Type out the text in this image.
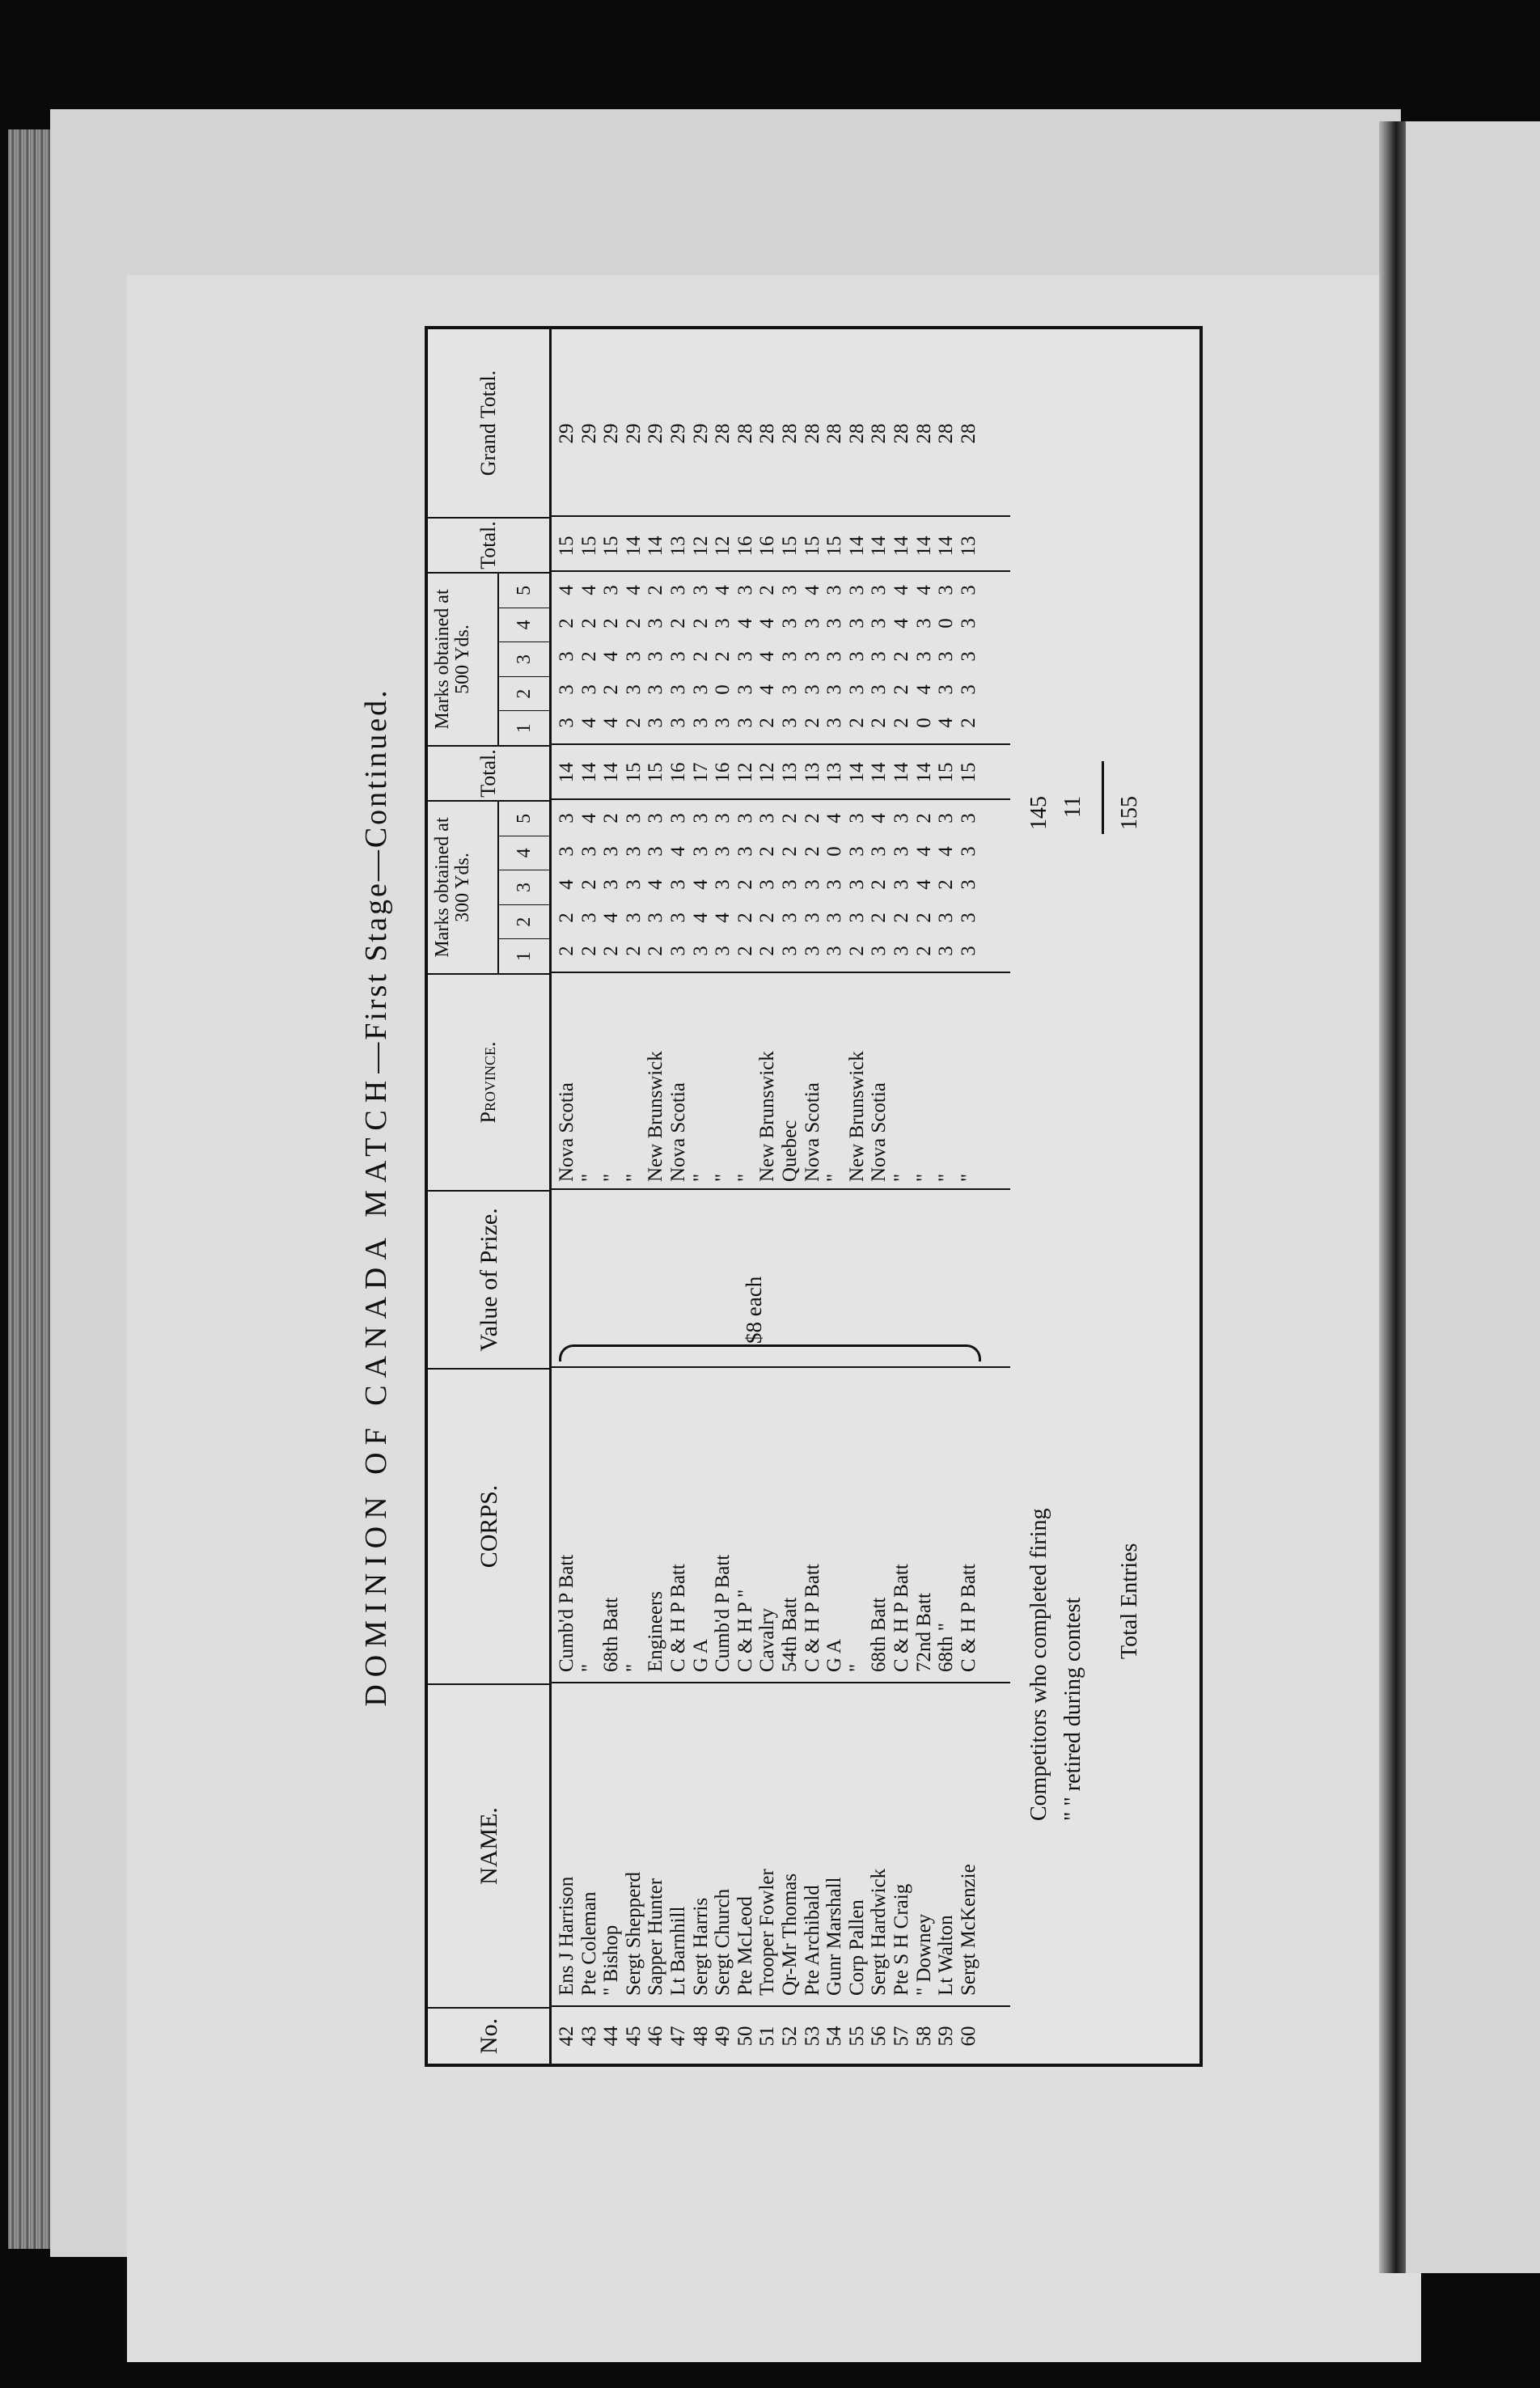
DOMINION OF CANADA MATCH—First Stage—Continued.
No.
NAME.
CORPS.
Value of Prize.
Province.
Marks obtained at 300 Yds.
1
2
3
4
5
Total.
Marks obtained at 500 Yds.
1
2
3
4
5
Total.
Grand Total.
$8 each
42
Ens J Harrison
Cumb'd P Batt
Nova Scotia
2
2
4
3
3
14
3
3
3
2
4
15
29
43
Pte Coleman
"
"
2
3
2
3
4
14
4
3
2
2
4
15
29
44
" Bishop
68th Batt
"
2
4
3
3
2
14
4
2
4
2
3
15
29
45
Sergt Shepperd
"
"
2
3
3
3
3
15
2
3
3
2
4
14
29
46
Sapper Hunter
Engineers
New Brunswick
2
3
4
3
3
15
3
3
3
3
2
14
29
47
Lt Barnhill
C & H P Batt
Nova Scotia
3
3
3
4
3
16
3
3
3
2
3
13
29
48
Sergt Harris
G A
"
3
4
4
3
3
17
3
3
2
2
3
12
29
49
Sergt Church
Cumb'd P Batt
"
3
4
3
3
3
16
3
0
2
3
4
12
28
50
Pte McLeod
C & H P "
"
2
2
2
3
3
12
3
3
3
4
3
16
28
51
Trooper Fowler
Cavalry
New Brunswick
2
2
3
2
3
12
2
4
4
4
2
16
28
52
Qr-Mr Thomas
54th Batt
Quebec
3
3
3
2
2
13
3
3
3
3
3
15
28
53
Pte Archibald
C & H P Batt
Nova Scotia
3
3
3
2
2
13
2
3
3
3
4
15
28
54
Gunr Marshall
G A
"
3
3
3
0
4
13
3
3
3
3
3
15
28
55
Corp Pallen
"
New Brunswick
2
3
3
3
3
14
2
3
3
3
3
14
28
56
Sergt Hardwick
68th Batt
Nova Scotia
3
2
2
3
4
14
2
3
3
3
3
14
28
57
Pte S H Craig
C & H P Batt
"
3
2
3
3
3
14
2
2
2
4
4
14
28
58
" Downey
72nd Batt
"
2
2
4
4
2
14
0
4
3
3
4
14
28
59
Lt Walton
68th "
"
3
3
2
4
3
15
4
3
3
0
3
14
28
60
Sergt McKenzie
C & H P Batt
"
3
3
3
3
3
15
2
3
3
3
3
13
28
Competitors who completed firing
145
" " retired during contest
11
Total Entries
155
